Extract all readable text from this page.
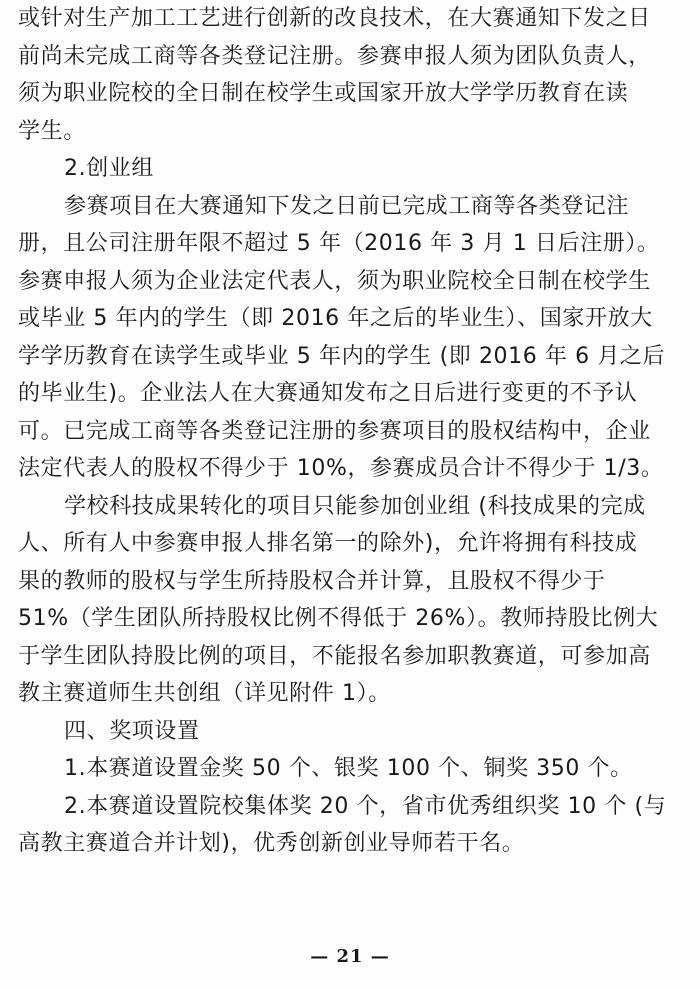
或针对生产加工工艺进行创新的改良技术，在大赛通知下发之日
前尚未完成工商等各类登记注册。参赛申报人须为团队负责人，
须为职业院校的全日制在校学生或国家开放大学学历教育在读
学生。
2.创业组
参赛项目在大赛通知下发之日前已完成工商等各类登记注
册，且公司注册年限不超过 5 年（2016 年 3 月 1 日后注册）。
参赛申报人须为企业法定代表人，须为职业院校全日制在校学生
或毕业 5 年内的学生（即 2016 年之后的毕业生）、国家开放大
学学历教育在读学生或毕业 5 年内的学生 (即 2016 年 6 月之后
的毕业生)。企业法人在大赛通知发布之日后进行变更的不予认
可。已完成工商等各类登记注册的参赛项目的股权结构中，企业
法定代表人的股权不得少于 10%，参赛成员合计不得少于 1/3。
学校科技成果转化的项目只能参加创业组 (科技成果的完成
人、所有人中参赛申报人排名第一的除外)，允许将拥有科技成
果的教师的股权与学生所持股权合并计算，且股权不得少于
51%（学生团队所持股权比例不得低于 26%）。教师持股比例大
于学生团队持股比例的项目，不能报名参加职教赛道，可参加高
教主赛道师生共创组（详见附件 1）。
四、奖项设置
1.本赛道设置金奖 50 个、银奖 100 个、铜奖 350 个。
2.本赛道设置院校集体奖 20 个，省市优秀组织奖 10 个 (与
高教主赛道合并计划)，优秀创新创业导师若干名。
— 21 —
